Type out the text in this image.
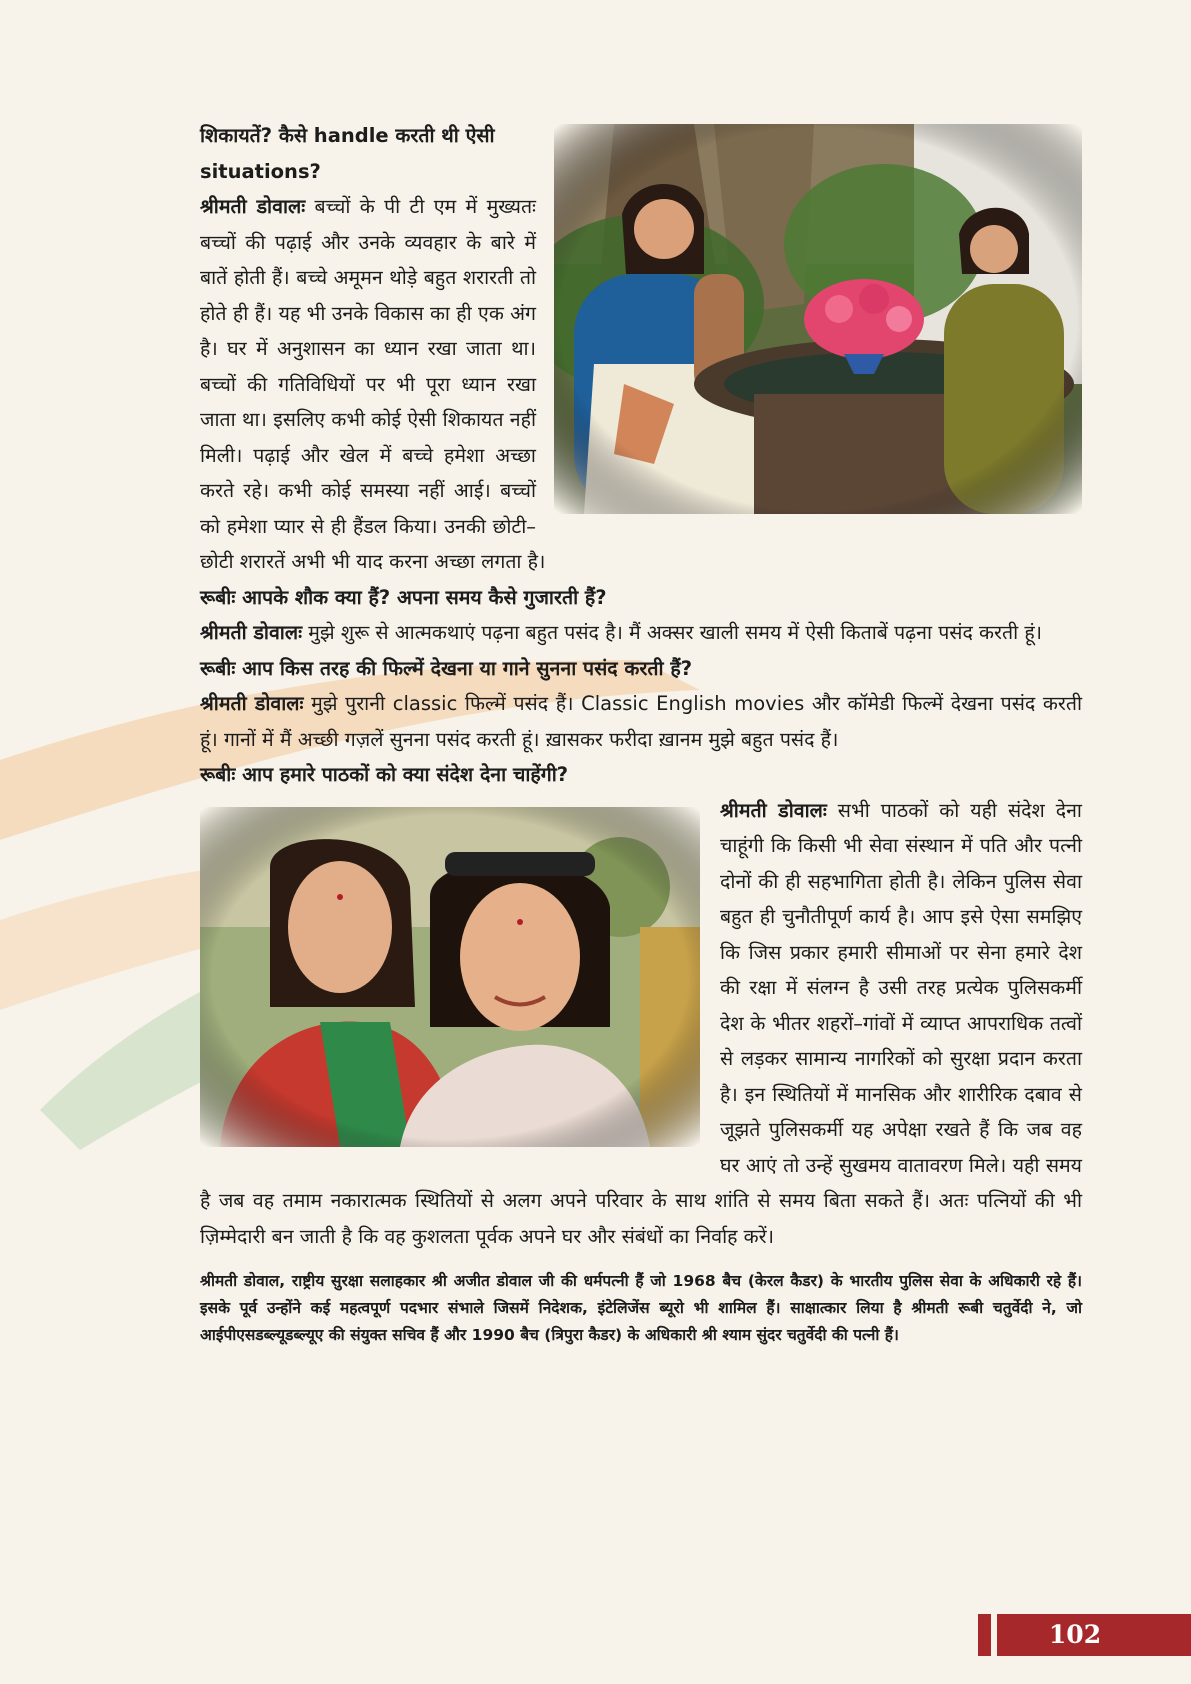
शिकायतें? कैसे handle करती थी ऐसी situations?

श्रीमती डोवालः बच्चों के पी टी एम में मुख्यतः बच्चों की पढ़ाई और उनके व्यवहार के बारे में बातें होती हैं। बच्चे अमूमन थोड़े बहुत शरारती तो होते ही हैं। यह भी उनके विकास का ही एक अंग है। घर में अनुशासन का ध्यान रखा जाता था। बच्चों की गतिविधियों पर भी पूरा ध्यान रखा जाता था। इसलिए कभी कोई ऐसी शिकायत नहीं मिली। पढ़ाई और खेल में बच्चे हमेशा अच्छा करते रहे। कभी कोई समस्या नहीं आई। बच्चों को हमेशा प्यार से ही हैंडल किया। उनकी छोटी–छोटी शरारतें अभी भी याद करना अच्छा लगता है।

रूबीः आपके शौक क्या हैं? अपना समय कैसे गुजारती हैं?

श्रीमती डोवालः मुझे शुरू से आत्मकथाएं पढ़ना बहुत पसंद है। मैं अक्सर खाली समय में ऐसी किताबें पढ़ना पसंद करती हूं।

रूबीः आप किस तरह की फिल्में देखना या गाने सुनना पसंद करती हैं?

श्रीमती डोवालः मुझे पुरानी classic फिल्में पसंद हैं। Classic English movies और कॉमेडी फिल्में देखना पसंद करती हूं। गानों में मैं अच्छी गज़लें सुनना पसंद करती हूं। ख़ासकर फरीदा ख़ानम मुझे बहुत पसंद हैं।

रूबीः आप हमारे पाठकों को क्या संदेश देना चाहेंगी?

श्रीमती डोवालः सभी पाठकों को यही संदेश देना चाहूंगी कि किसी भी सेवा संस्थान में पति और पत्नी दोनों की ही सहभागिता होती है। लेकिन पुलिस सेवा बहुत ही चुनौतीपूर्ण कार्य है। आप इसे ऐसा समझिए कि जिस प्रकार हमारी सीमाओं पर सेना हमारे देश की रक्षा में संलग्न है उसी तरह प्रत्येक पुलिसकर्मी देश के भीतर शहरों–गांवों में व्याप्त आपराधिक तत्वों से लड़कर सामान्य नागरिकों को सुरक्षा प्रदान करता है। इन स्थितियों में मानसिक और शारीरिक दबाव से जूझते पुलिसकर्मी यह अपेक्षा रखते हैं कि जब वह घर आएं तो उन्हें सुखमय वातावरण मिले। यही समय है जब वह तमाम नकारात्मक स्थितियों से अलग अपने परिवार के साथ शांति से समय बिता सकते हैं। अतः पत्नियों की भी ज़िम्मेदारी बन जाती है कि वह कुशलता पूर्वक अपने घर और संबंधों का निर्वाह करें।

श्रीमती डोवाल, राष्ट्रीय सुरक्षा सलाहकार श्री अजीत डोवाल जी की धर्मपत्नी हैं जो 1968 बैच (केरल कैडर) के भारतीय पुलिस सेवा के अधिकारी रहे हैं। इसके पूर्व उन्होंने कई महत्वपूर्ण पदभार संभाले जिसमें निदेशक, इंटेलिजेंस ब्यूरो भी शामिल हैं। साक्षात्कार लिया है श्रीमती रूबी चतुर्वेदी ने, जो आईपीएसडब्ल्यूडब्ल्यूए की संयुक्त सचिव हैं और 1990 बैच (त्रिपुरा कैडर) के अधिकारी श्री श्याम सुंदर चतुर्वेदी की पत्नी हैं।

102
